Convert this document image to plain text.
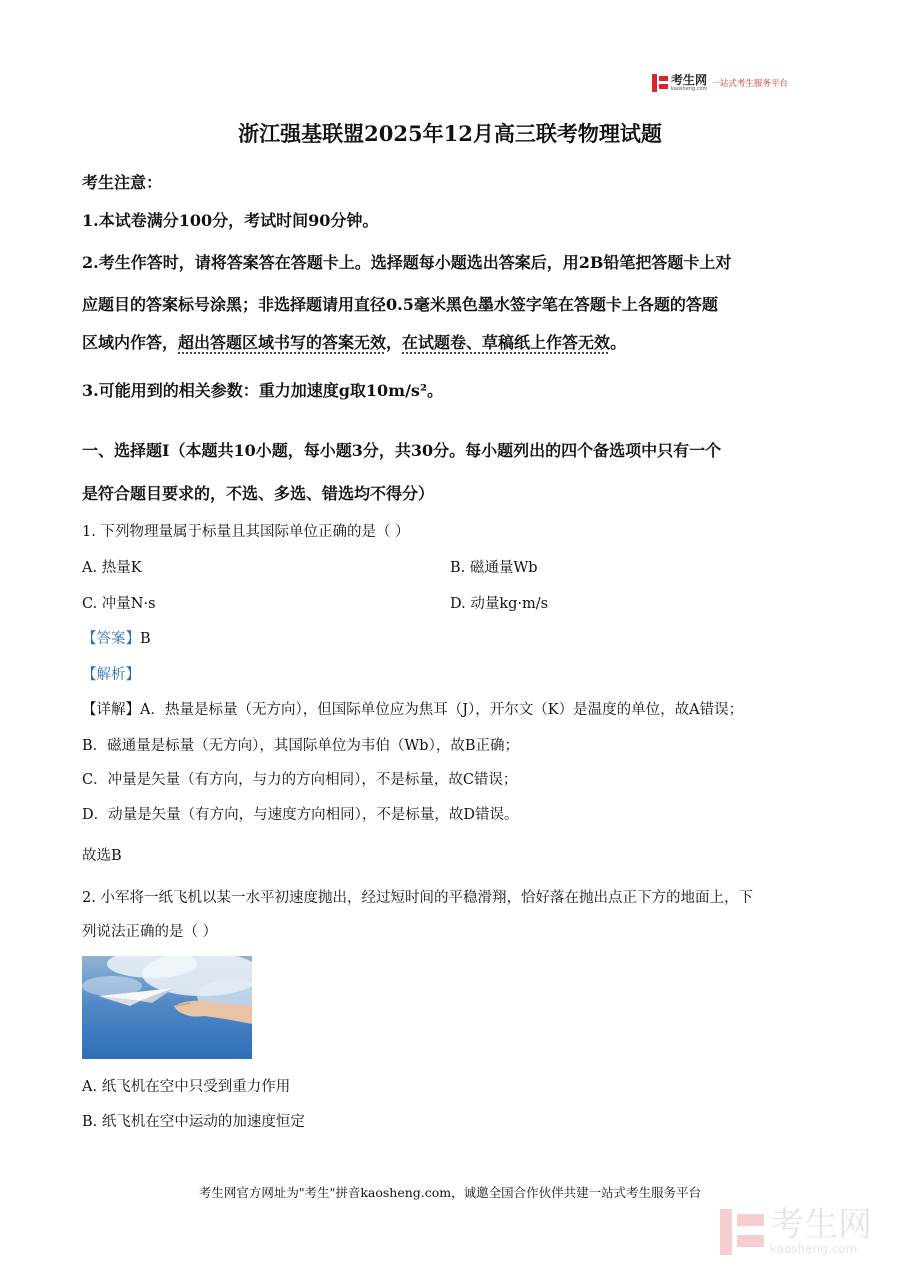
考生网
kaosheng.com 一站式考生服务平台
浙江强基联盟2025年12月高三联考物理试题
考生注意：
1.本试卷满分100分，考试时间90分钟。
2.考生作答时，请将答案答在答题卡上。选择题每小题选出答案后，用2B铅笔把答题卡上对
应题目的答案标号涂黑；非选择题请用直径0.5毫米黑色墨水签字笔在答题卡上各题的答题
区域内作答，超出答题区域书写的答案无效，在试题卷、草稿纸上作答无效。
3.可能用到的相关参数：重力加速度g取10m/s²。
一、选择题Ⅰ（本题共10小题，每小题3分，共30分。每小题列出的四个备选项中只有一个
是符合题目要求的，不选、多选、错选均不得分）
1. 下列物理量属于标量且其国际单位正确的是（ ）
A. 热量K	B. 磁通量Wb
C. 冲量N·s	D. 动量kg·m/s
【答案】B
【解析】
【详解】A．热量是标量（无方向），但国际单位应为焦耳（J），开尔文（K）是温度的单位，故A错误；
B．磁通量是标量（无方向），其国际单位为韦伯（Wb），故B正确；
C．冲量是矢量（有方向，与力的方向相同），不是标量，故C错误；
D．动量是矢量（有方向，与速度方向相同），不是标量，故D错误。
故选B
2. 小军将一纸飞机以某一水平初速度抛出，经过短时间的平稳滑翔，恰好落在抛出点正下方的地面上，下
列说法正确的是（ ）
A. 纸飞机在空中只受到重力作用
B. 纸飞机在空中运动的加速度恒定
考生网官方网址为"考生"拼音kaosheng.com，诚邀全国合作伙伴共建一站式考生服务平台
考生网
kaosheng.com
